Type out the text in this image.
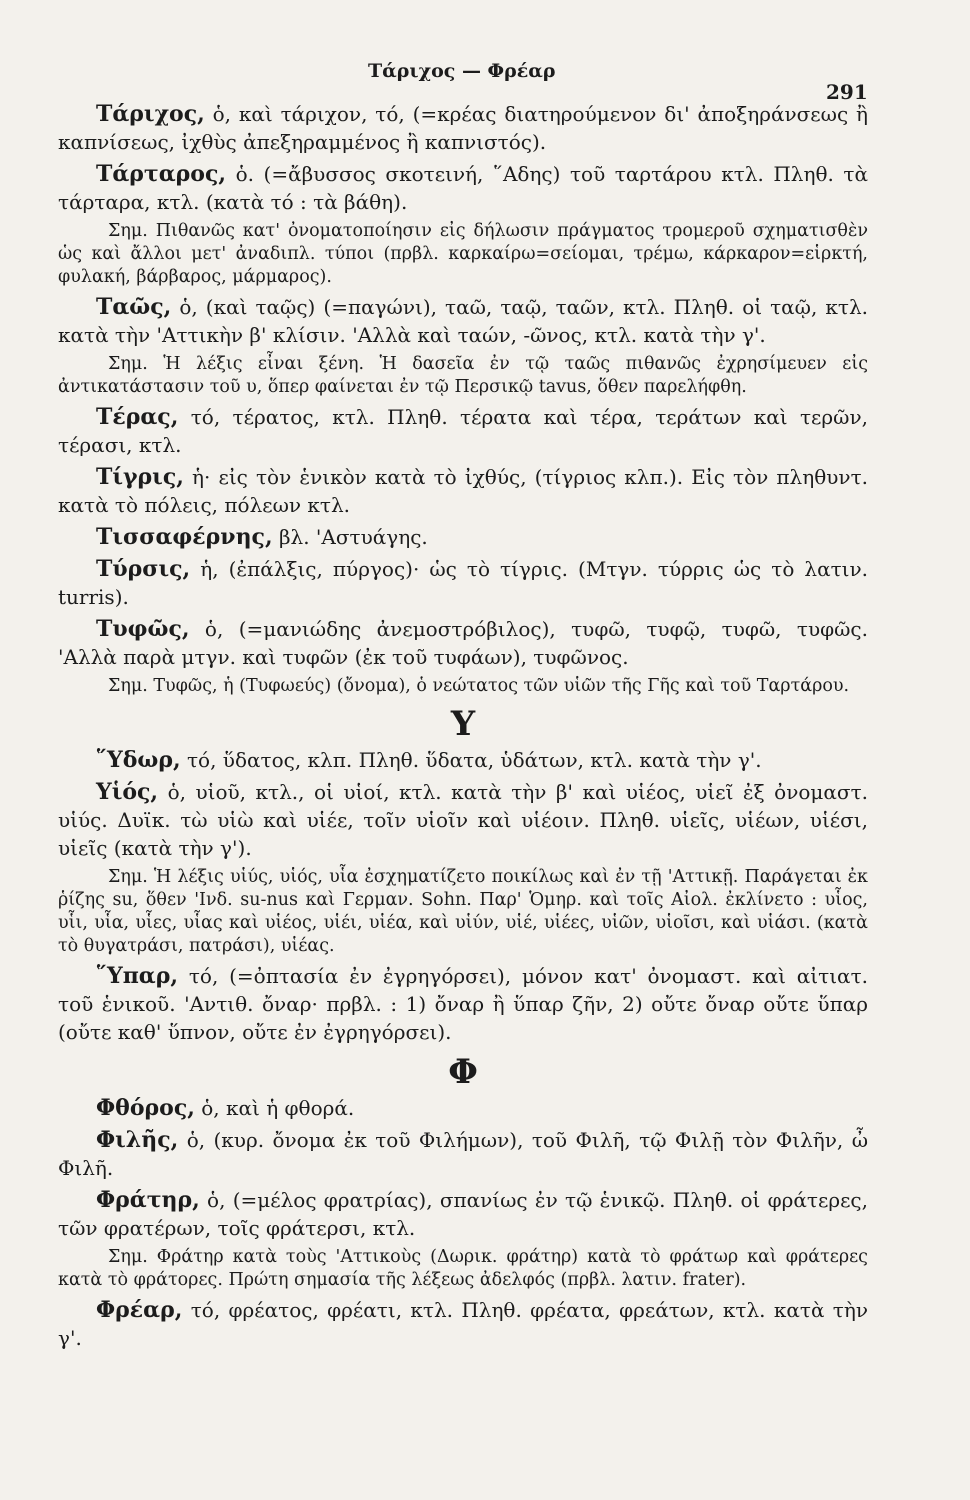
Τάριχος — Φρέαρ
291

Τάριχος, ὁ, καὶ τάριχον, τό, (=κρέας διατηρούμενον δι' ἀποξηράνσεως ἢ καπνίσεως, ἰχθὺς ἀπεξηραμμένος ἢ καπνιστός).

Τάρταρος, ὁ. (=ἄβυσσος σκοτεινή, ῞Αδης) τοῦ ταρτάρου κτλ. Πληθ. τὰ τάρταρα, κτλ. (κατὰ τό : τὰ βάθη).

Σημ. Πιθανῶς κατ' ὀνοματοποίησιν εἰς δήλωσιν πράγματος τρομεροῦ σχηματισθὲν ὡς καὶ ἄλλοι μετ' ἀναδιπλ. τύποι (πρβλ. καρκαίρω=σείομαι, τρέμω, κάρκαρον=εἱρκτή, φυλακή, βάρβαρος, μάρμαρος).

Ταῶς, ὁ, (καὶ ταῷς) (=παγώνι), ταῶ, ταῷ, ταῶν, κτλ. Πληθ. οἱ ταῷ, κτλ. κατὰ τὴν 'Αττικὴν β' κλίσιν. 'Αλλὰ καὶ ταών, -ῶνος, κτλ. κατὰ τὴν γ'.

Σημ. Ἡ λέξις εἶναι ξένη. Ἡ δασεῖα ἐν τῷ ταῶς πιθανῶς ἐχρησίμευεν εἰς ἀντικατάστασιν τοῦ υ, ὅπερ φαίνεται ἐν τῷ Περσικῷ tavus, ὅθεν παρελήφθη.

Τέρας, τό, τέρατος, κτλ. Πληθ. τέρατα καὶ τέρα, τεράτων καὶ τερῶν, τέρασι, κτλ.

Τίγρις, ἡ· εἰς τὸν ἑνικὸν κατὰ τὸ ἰχθύς, (τίγριος κλπ.). Εἰς τὸν πληθυντ. κατὰ τὸ πόλεις, πόλεων κτλ.

Τισσαφέρνης, βλ. 'Αστυάγης.

Τύρσις, ἡ, (ἐπάλξις, πύργος)· ὡς τὸ τίγρις. (Μτγν. τύρρις ὡς τὸ λατιν. turris).

Τυφῶς, ὁ, (=μανιώδης ἀνεμοστρόβιλος), τυφῶ, τυφῷ, τυφῶ, τυφῶς. 'Αλλὰ παρὰ μτγν. καὶ τυφῶν (ἐκ τοῦ τυφάων), τυφῶνος.

Σημ. Τυφῶς, ἡ (Τυφωεύς) (ὄνομα), ὁ νεώτατος τῶν υἱῶν τῆς Γῆς καὶ τοῦ Ταρτάρου.

Υ

῞Υδωρ, τό, ὕδατος, κλπ. Πληθ. ὕδατα, ὑδάτων, κτλ. κατὰ τὴν γ'.

Υἱός, ὁ, υἱοῦ, κτλ., οἱ υἱοί, κτλ. κατὰ τὴν β' καὶ υἱέος, υἱεῖ ἐξ ὀνομαστ. υἱύς. Δυϊκ. τὼ υἱὼ καὶ υἱέε, τοῖν υἱοῖν καὶ υἱέοιν. Πληθ. υἱεῖς, υἱέων, υἱέσι, υἱεῖς (κατὰ τὴν γ').

Σημ. Ἡ λέξις υἱύς, υἱός, υἷα ἐσχηματίζετο ποικίλως καὶ ἐν τῇ 'Αττικῇ. Παράγεται ἐκ ῥίζης su, ὅθεν 'Ινδ. su-nus καὶ Γερμαν. Sohn. Παρ' Ὁμηρ. καὶ τοῖς Αἰολ. ἐκλίνετο : υἷος, υἷι, υἷα, υἷες, υἷας καὶ υἱέος, υἱέι, υἱέα, καὶ υἱύν, υἱέ, υἱέες, υἱῶν, υἱοῖσι, καὶ υἱάσι. (κατὰ τὸ θυγατράσι, πατράσι), υἱέας.

῞Υπαρ, τό, (=ὀπτασία ἐν ἐγρηγόρσει), μόνον κατ' ὀνομαστ. καὶ αἰτιατ. τοῦ ἑνικοῦ. 'Αντιθ. ὄναρ· πρβλ. : 1) ὄναρ ἢ ὕπαρ ζῆν, 2) οὔτε ὄναρ οὔτε ὕπαρ (οὔτε καθ' ὕπνον, οὔτε ἐν ἐγρηγόρσει).

Φ

Φθόρος, ὁ, καὶ ἡ φθορά.

Φιλῆς, ὁ, (κυρ. ὄνομα ἐκ τοῦ Φιλήμων), τοῦ Φιλῆ, τῷ Φιλῇ τὸν Φιλῆν, ὦ Φιλῆ.

Φράτηρ, ὁ, (=μέλος φρατρίας), σπανίως ἐν τῷ ἑνικῷ. Πληθ. οἱ φράτερες, τῶν φρατέρων, τοῖς φράτερσι, κτλ.

Σημ. Φράτηρ κατὰ τοὺς 'Αττικοὺς (Δωρικ. φράτηρ) κατὰ τὸ φράτωρ καὶ φράτερες κατὰ τὸ φράτορες. Πρώτη σημασία τῆς λέξεως ἀδελφός (πρβλ. λατιν. frater).

Φρέαρ, τό, φρέατος, φρέατι, κτλ. Πληθ. φρέατα, φρεάτων, κτλ. κατὰ τὴν γ'.
